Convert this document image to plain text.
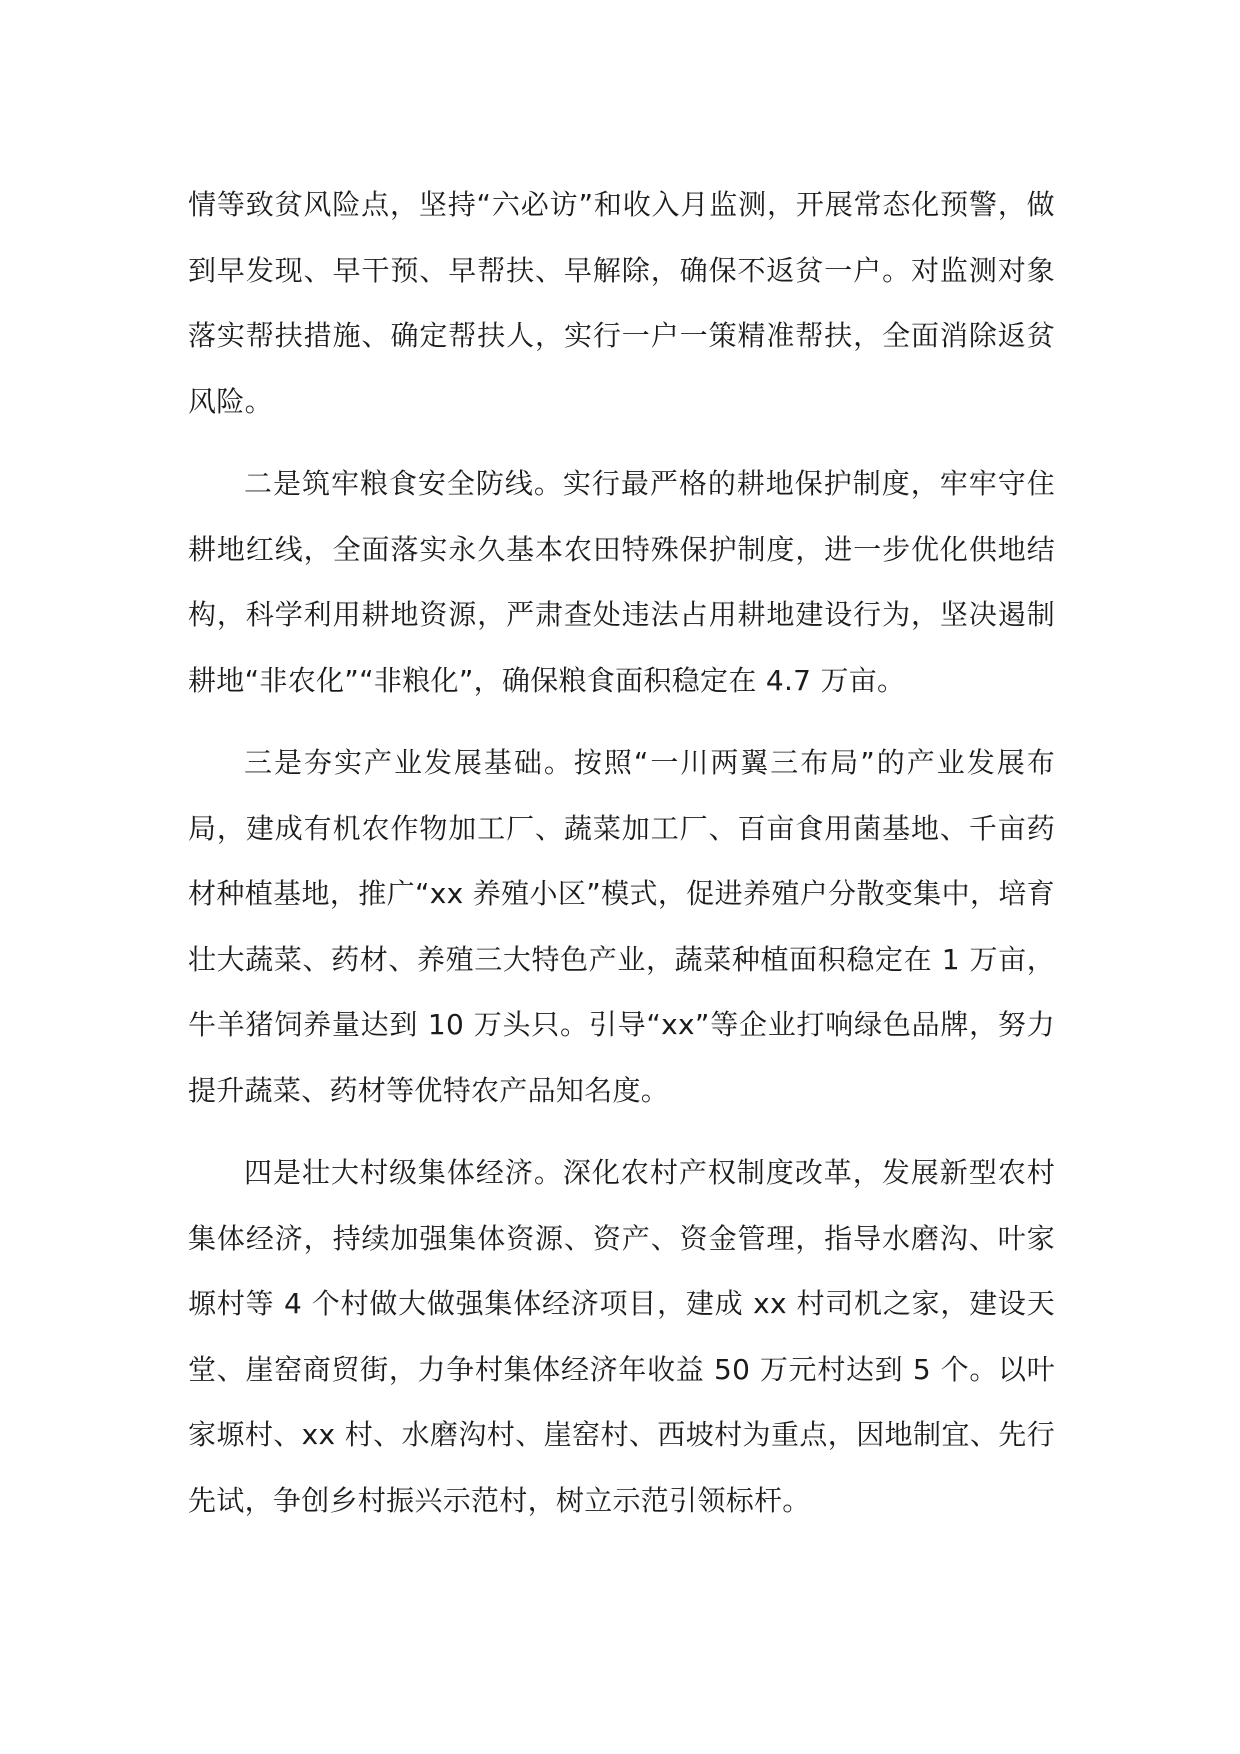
情等致贫风险点，坚持“六必访”和收入月监测，开展常态化预警，做到早发现、早干预、早帮扶、早解除，确保不返贫一户。对监测对象落实帮扶措施、确定帮扶人，实行一户一策精准帮扶，全面消除返贫风险。

二是筑牢粮食安全防线。实行最严格的耕地保护制度，牢牢守住耕地红线，全面落实永久基本农田特殊保护制度，进一步优化供地结构，科学利用耕地资源，严肃查处违法占用耕地建设行为，坚决遏制耕地“非农化”“非粮化”，确保粮食面积稳定在 4.7 万亩。

三是夯实产业发展基础。按照“一川两翼三布局”的产业发展布局，建成有机农作物加工厂、蔬菜加工厂、百亩食用菌基地、千亩药材种植基地，推广“xx 养殖小区”模式，促进养殖户分散变集中，培育壮大蔬菜、药材、养殖三大特色产业，蔬菜种植面积稳定在 1 万亩，牛羊猪饲养量达到 10 万头只。引导“xx”等企业打响绿色品牌，努力提升蔬菜、药材等优特农产品知名度。

四是壮大村级集体经济。深化农村产权制度改革，发展新型农村集体经济，持续加强集体资源、资产、资金管理，指导水磨沟、叶家塬村等 4 个村做大做强集体经济项目，建成 xx 村司机之家，建设天堂、崖窑商贸街，力争村集体经济年收益 50 万元村达到 5 个。以叶家塬村、xx 村、水磨沟村、崖窑村、西坡村为重点，因地制宜、先行先试，争创乡村振兴示范村，树立示范引领标杆。
